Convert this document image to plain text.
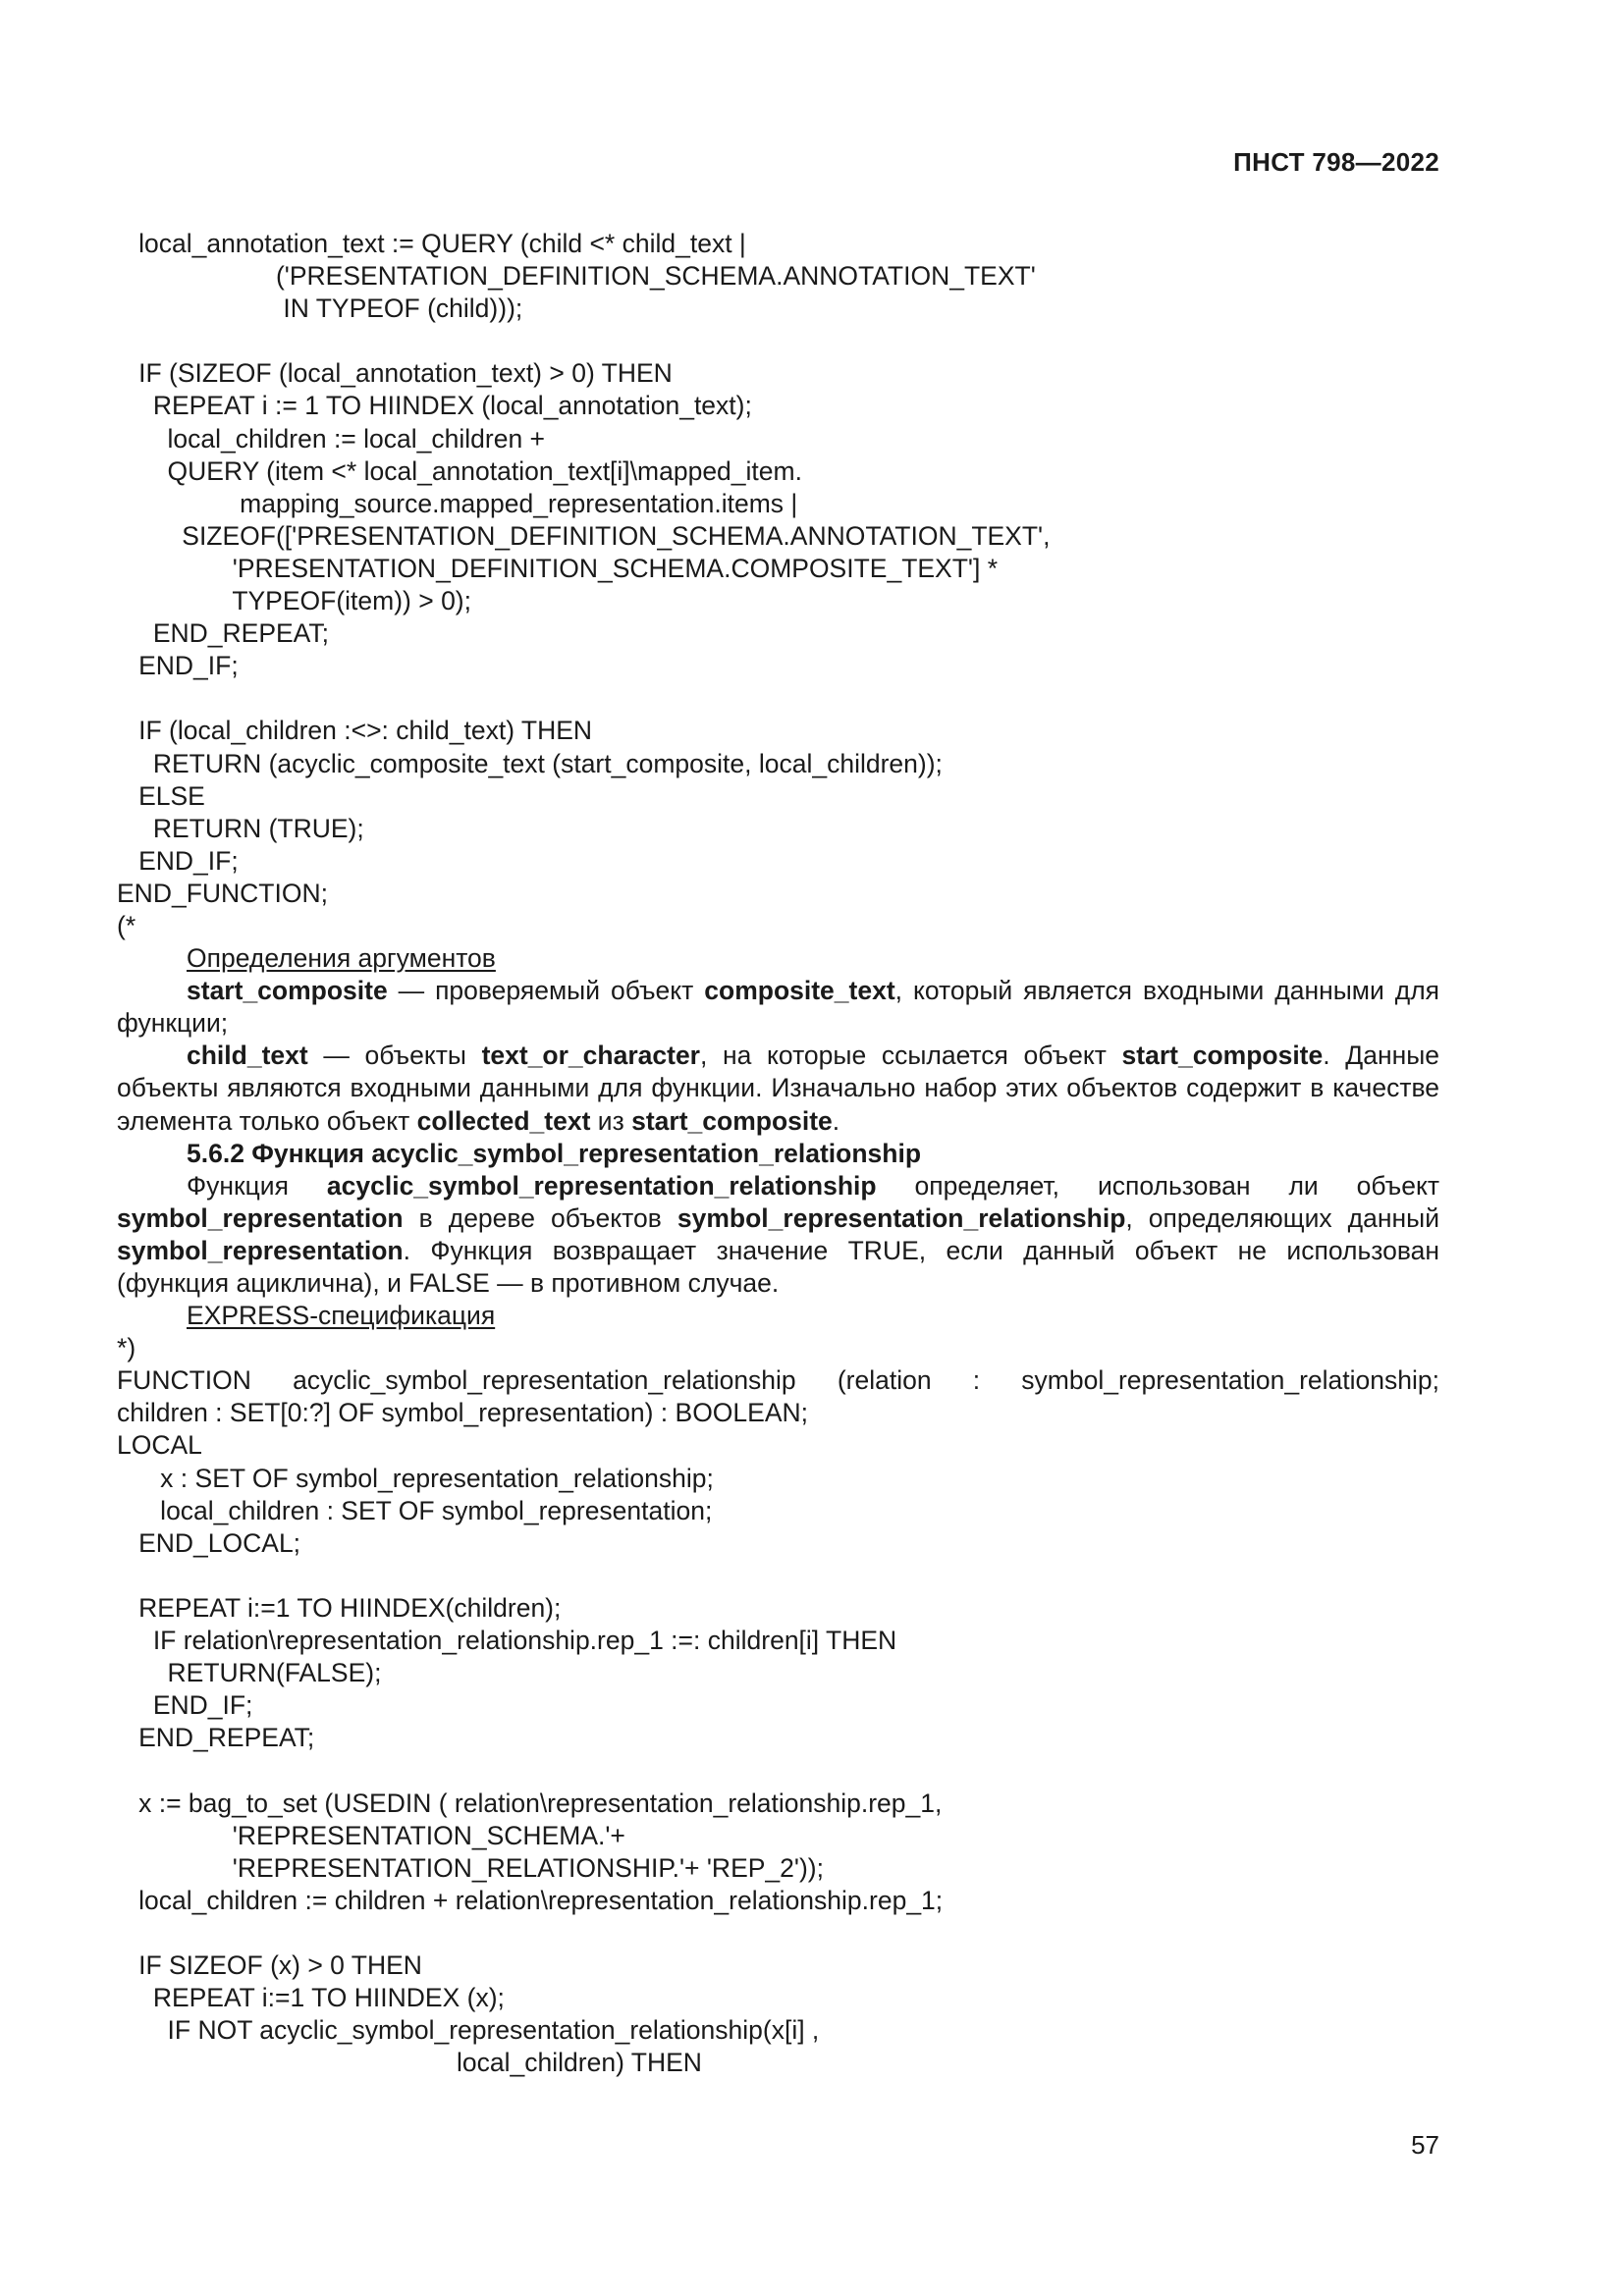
ПНСТ 798—2022
local_annotation_text := QUERY (child <* child_text |
('PRESENTATION_DEFINITION_SCHEMA.ANNOTATION_TEXT'
IN TYPEOF (child)));
IF (SIZEOF (local_annotation_text) > 0) THEN
REPEAT i := 1 TO HIINDEX (local_annotation_text);
local_children := local_children +
QUERY (item <* local_annotation_text[i]\mapped_item.
mapping_source.mapped_representation.items |
SIZEOF(['PRESENTATION_DEFINITION_SCHEMA.ANNOTATION_TEXT',
'PRESENTATION_DEFINITION_SCHEMA.COMPOSITE_TEXT'] *
TYPEOF(item)) > 0);
END_REPEAT;
END_IF;
IF (local_children :<>: child_text) THEN
RETURN (acyclic_composite_text (start_composite, local_children));
ELSE
RETURN (TRUE);
END_IF;
END_FUNCTION;
(*
Определения аргументов
start_composite — проверяемый объект composite_text, который является входными данными для функции;
child_text — объекты text_or_character, на которые ссылается объект start_composite. Данные объекты являются входными данными для функции. Изначально набор этих объектов содержит в качестве элемента только объект collected_text из start_composite.
5.6.2 Функция acyclic_symbol_representation_relationship
Функция acyclic_symbol_representation_relationship определяет, использован ли объект symbol_representation в дереве объектов symbol_representation_relationship, определяющих данный symbol_representation. Функция возвращает значение TRUE, если данный объект не использован (функция ациклична), и FALSE — в противном случае.
EXPRESS-спецификация
*)
FUNCTION acyclic_symbol_representation_relationship (relation : symbol_representation_relationship;
children : SET[0:?] OF symbol_representation) : BOOLEAN;
LOCAL
x : SET OF symbol_representation_relationship;
local_children : SET OF symbol_representation;
END_LOCAL;
REPEAT i:=1 TO HIINDEX(children);
IF relation\representation_relationship.rep_1 :=: children[i] THEN
RETURN(FALSE);
END_IF;
END_REPEAT;
x := bag_to_set (USEDIN ( relation\representation_relationship.rep_1,
'REPRESENTATION_SCHEMA.'+
'REPRESENTATION_RELATIONSHIP.'+ 'REP_2'));
local_children := children + relation\representation_relationship.rep_1;
IF SIZEOF (x) > 0 THEN
REPEAT i:=1 TO HIINDEX (x);
IF NOT acyclic_symbol_representation_relationship(x[i] ,
local_children) THEN
57
